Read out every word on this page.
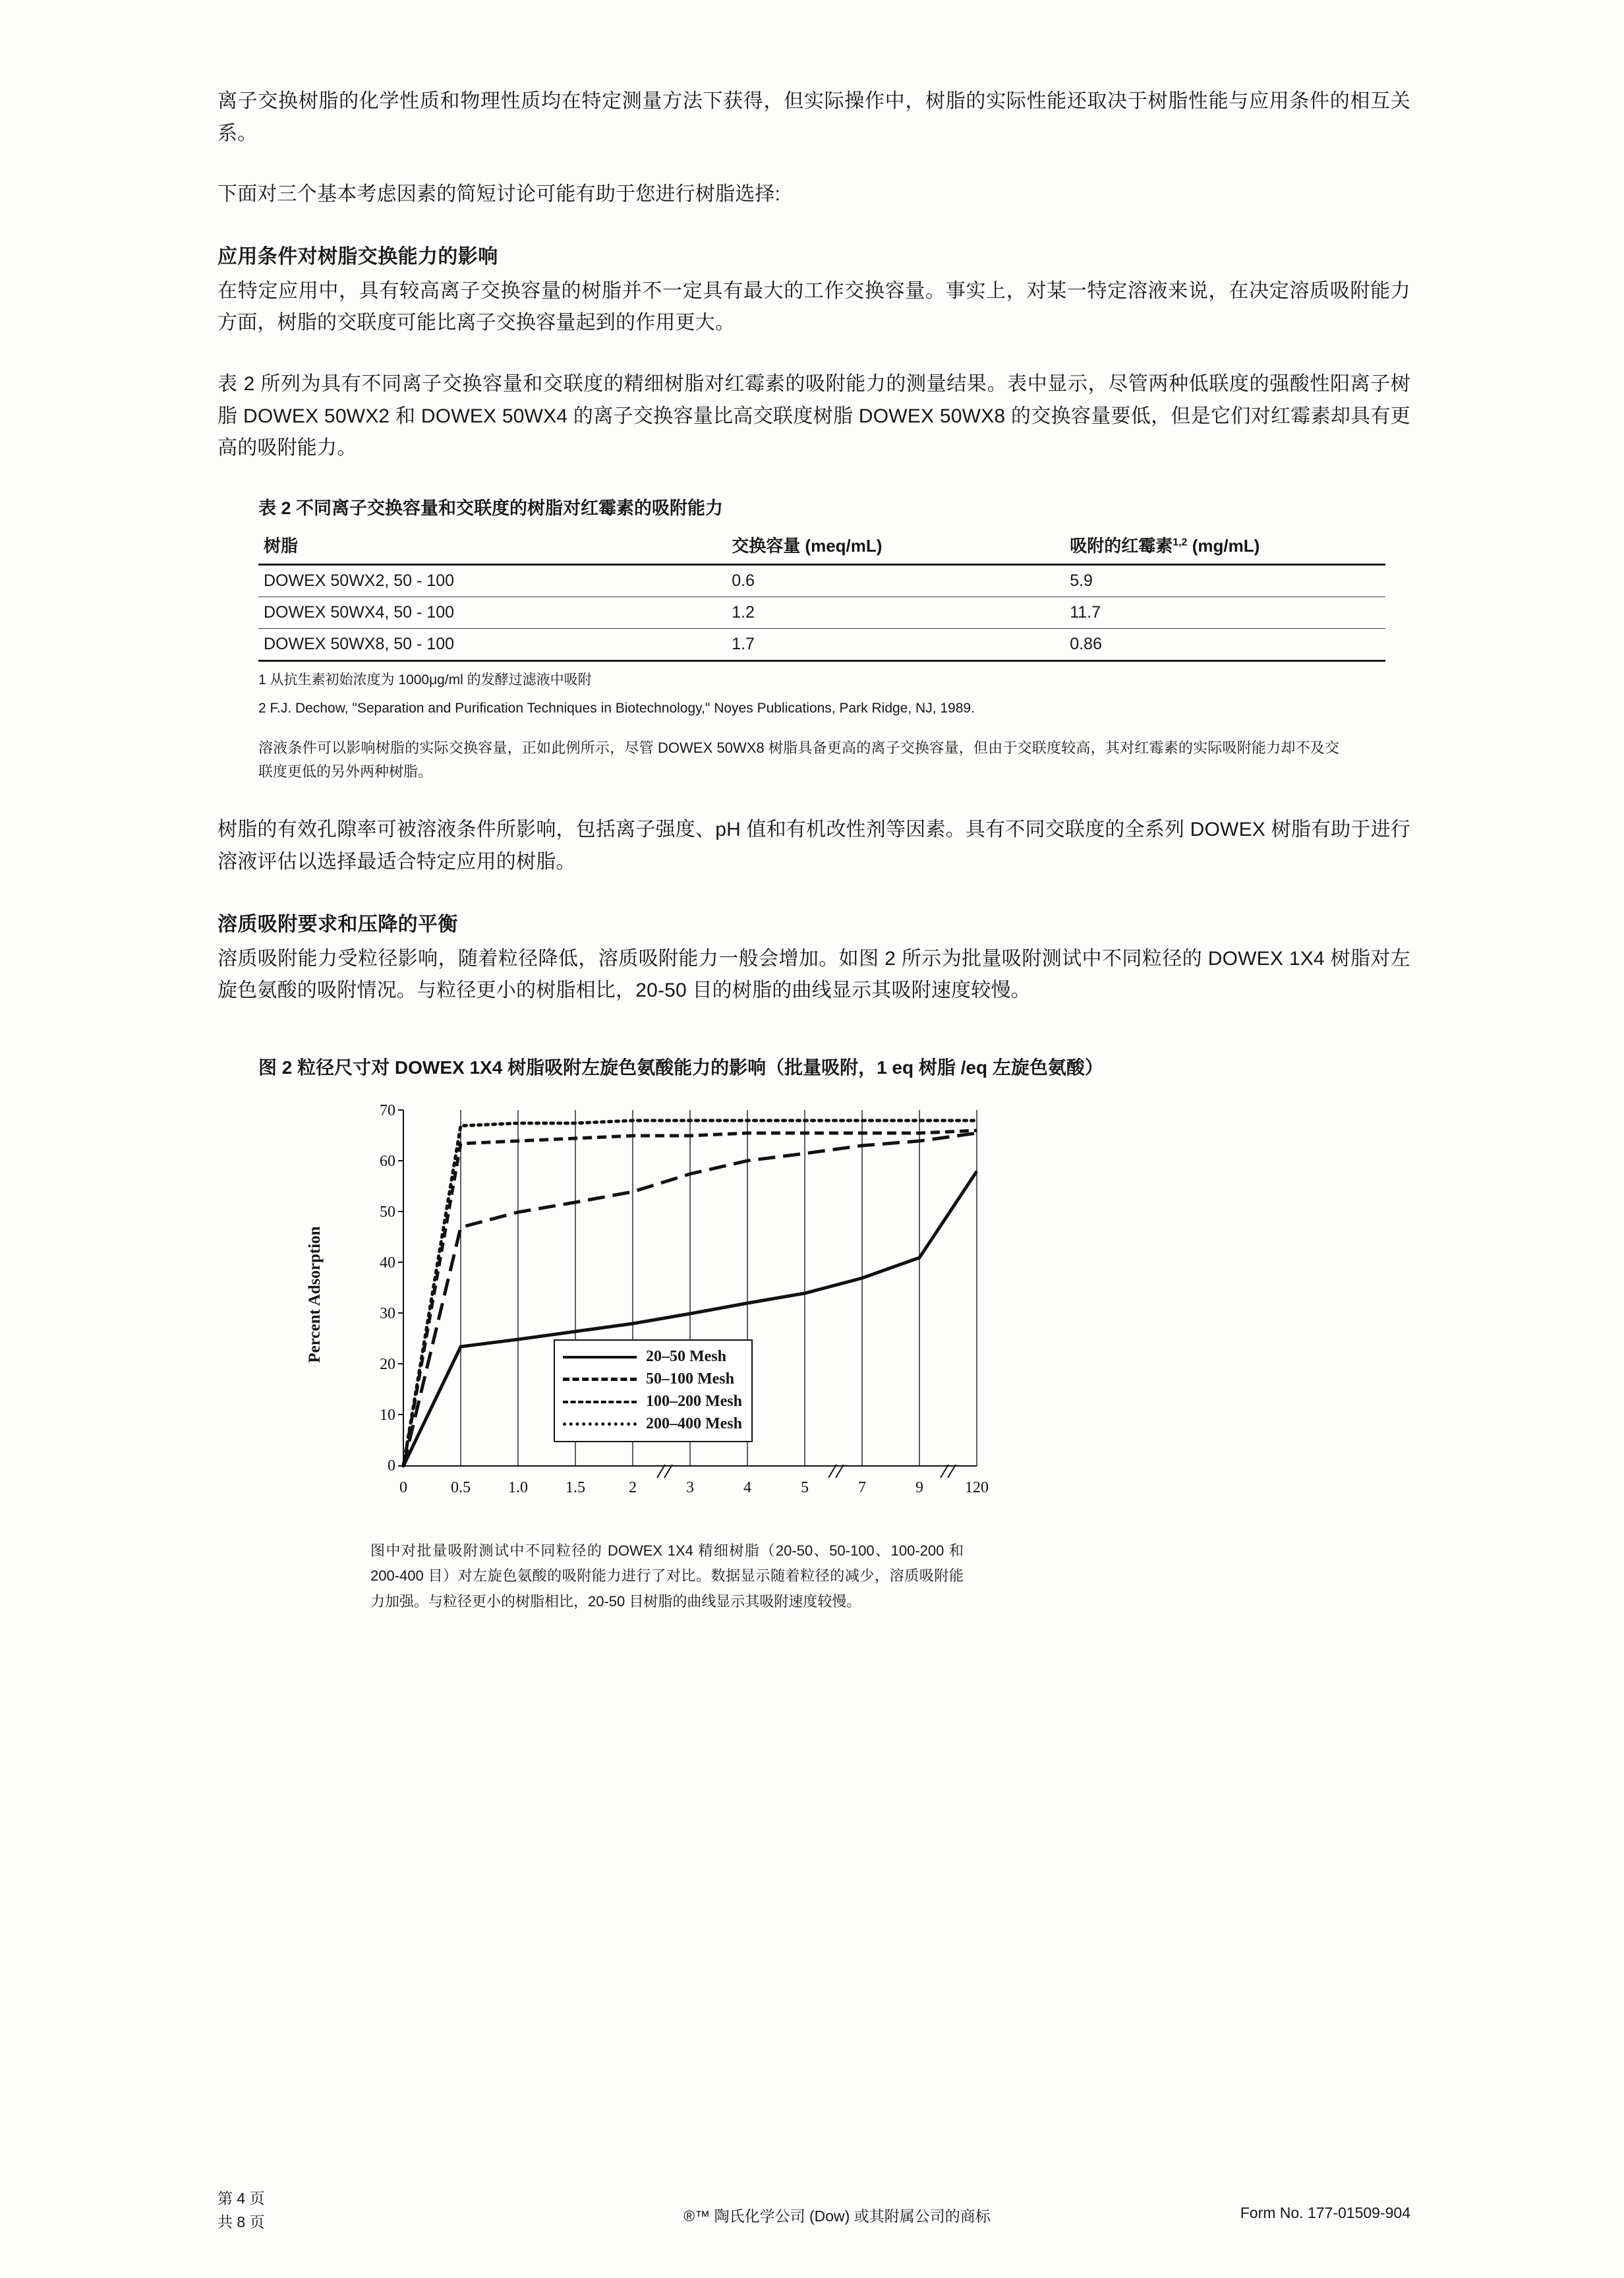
离子交换树脂的化学性质和物理性质均在特定测量方法下获得，但实际操作中，树脂的实际性能还取决于树脂性能与应用条件的相互关系。

下面对三个基本考虑因素的简短讨论可能有助于您进行树脂选择:

应用条件对树脂交换能力的影响

在特定应用中，具有较高离子交换容量的树脂并不一定具有最大的工作交换容量。事实上，对某一特定溶液来说，在决定溶质吸附能力方面，树脂的交联度可能比离子交换容量起到的作用更大。

表 2 所列为具有不同离子交换容量和交联度的精细树脂对红霉素的吸附能力的测量结果。表中显示，尽管两种低联度的强酸性阳离子树脂 DOWEX 50WX2 和 DOWEX 50WX4 的离子交换容量比高交联度树脂 DOWEX 50WX8 的交换容量要低，但是它们对红霉素却具有更高的吸附能力。

表 2 不同离子交换容量和交联度的树脂对红霉素的吸附能力
树脂	交换容量 (meq/mL)	吸附的红霉素$^{1,2}$ (mg/mL)
DOWEX 50WX2, 50 - 100	0.6	5.9
DOWEX 50WX4, 50 - 100	1.2	11.7
DOWEX 50WX8, 50 - 100	1.7	0.86
1 从抗生素初始浓度为 1000μg/ml 的发酵过滤液中吸附
2 F.J. Dechow, "Separation and Purification Techniques in Biotechnology," Noyes Publications, Park Ridge, NJ, 1989.
溶液条件可以影响树脂的实际交换容量，正如此例所示，尽管 DOWEX 50WX8 树脂具备更高的离子交换容量，但由于交联度较高，其对红霉素的实际吸附能力却不及交联度更低的另外两种树脂。

树脂的有效孔隙率可被溶液条件所影响，包括离子强度、pH 值和有机改性剂等因素。具有不同交联度的全系列 DOWEX 树脂有助于进行溶液评估以选择最适合特定应用的树脂。

溶质吸附要求和压降的平衡

溶质吸附能力受粒径影响，随着粒径降低，溶质吸附能力一般会增加。如图 2 所示为批量吸附测试中不同粒径的 DOWEX 1X4 树脂对左旋色氨酸的吸附情况。与粒径更小的树脂相比，20-50 目的树脂的曲线显示其吸附速度较慢。

图 2 粒径尺寸对 DOWEX 1X4 树脂吸附左旋色氨酸能力的影响（批量吸附，1 eq 树脂 /eq 左旋色氨酸）
Percent Adsorption
70
60
50
40
30
20
10
0
0	0.5 1.0 1.5	2	3	4	5	7	9	120
20–50 Mesh
50–100 Mesh
100–200 Mesh
200–400 Mesh
图中对批量吸附测试中不同粒径的 DOWEX 1X4 精细树脂（20-50、50-100、100-200 和 200-400 目）对左旋色氨酸的吸附能力进行了对比。数据显示随着粒径的减少，溶质吸附能力加强。与粒径更小的树脂相比，20-50 目树脂的曲线显示其吸附速度较慢。
第 4 页
共 8 页	®™ 陶氏化学公司 (Dow) 或其附属公司的商标	Form No. 177-01509-904
